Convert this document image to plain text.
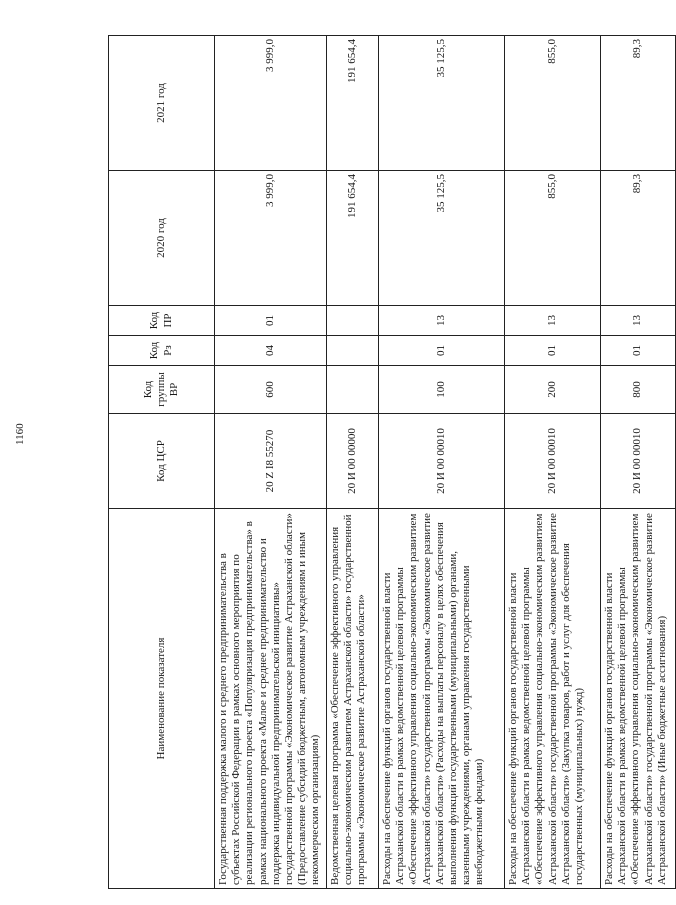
1160
Наименование показателя	Код ЦСР	Код группы ВР	Код Рз	Код ПР	2020 год	2021 год
Государственная поддержка малого и среднего предпринимательства в субъектах Российской Федерации в рамках основного мероприятия по реализации регионального проекта «Популяризация предпринимательства» в рамках национального проекта «Малое и среднее предпринимательство и поддержка индивидуальной предпринимательской инициативы» государственной программы «Экономическое развитие Астраханской области» (Предоставление субсидий бюджетным, автономным учреждениям и иным некоммерческим организациям)	20 Z I8 55270	600	04	01	3 999,0	3 999,0
Ведомственная целевая программа «Обеспечение эффективного управления социально-экономическим развитием Астраханской области» государственной программы «Экономическое развитие Астраханской области»	20 И 00 00000				191 654,4	191 654,4
Расходы на обеспечение функций органов государственной власти Астраханской области в рамках ведомственной целевой программы «Обеспечение эффективного управления социально-экономическим развитием Астраханской области» государственной программы «Экономическое развитие Астраханской области» (Расходы на выплаты персоналу в целях обеспечения выполнения функций государственными (муниципальными) органами, казенными учреждениями, органами управления государственными внебюджетными фондами)	20 И 00 00010	100	01	13	35 125,5	35 125,5
Расходы на обеспечение функций органов государственной власти Астраханской области в рамках ведомственной целевой программы «Обеспечение эффективного управления социально-экономическим развитием Астраханской области» государственной программы «Экономическое развитие Астраханской области» (Закупка товаров, работ и услуг для обеспечения государственных (муниципальных) нужд)	20 И 00 00010	200	01	13	855,0	855,0
Расходы на обеспечение функций органов государственной власти Астраханской области в рамках ведомственной целевой программы «Обеспечение эффективного управления социально-экономическим развитием Астраханской области» государственной программы «Экономическое развитие Астраханской области» (Иные бюджетные ассигнования)	20 И 00 00010	800	01	13	89,3	89,3
